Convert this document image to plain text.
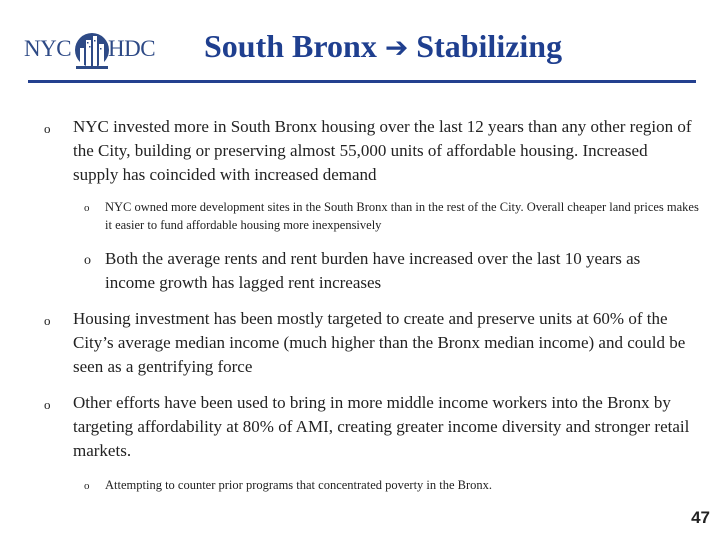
NYC HDC South Bronx ➔ Stabilizing
o NYC invested more in South Bronx housing over the last 12 years than any other region of the City, building or preserving almost 55,000 units of affordable housing. Increased supply has coincided with increased demand
o NYC owned more development sites in the South Bronx than in the rest of the City. Overall cheaper land prices makes it easier to fund affordable housing more inexpensively
o Both the average rents and rent burden have increased over the last 10 years as income growth has lagged rent increases
o Housing investment has been mostly targeted to create and preserve units at 60% of the City’s average median income (much higher than the Bronx median income) and could be seen as a gentrifying force
o Other efforts have been used to bring in more middle income workers into the Bronx by targeting affordability at 80% of AMI, creating greater income diversity and stronger retail markets.
o Attempting to counter prior programs that concentrated poverty in the Bronx.
47
